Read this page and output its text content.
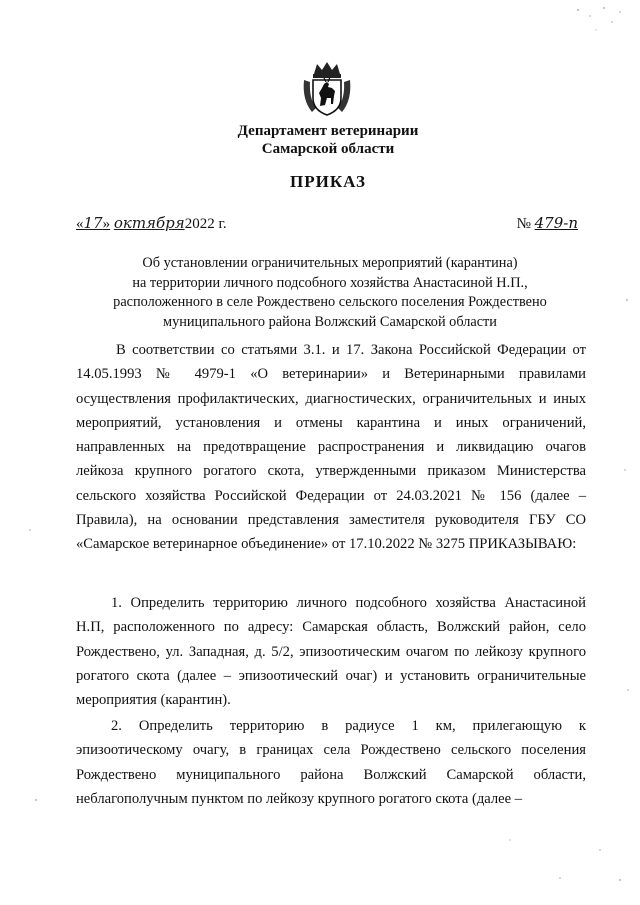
Департамент ветеринарии
Самарской области
ПРИКАЗ
«17» октября2022 г.	№ 479-п
Об установлении ограничительных мероприятий (карантина)
на территории личного подсобного хозяйства Анастасиной Н.П.,
расположенного в селе Рождествено сельского поселения Рождествено
муниципального района Волжский Самарской области
В соответствии со статьями 3.1. и 17. Закона Российской Федерации от 14.05.1993 № 4979-1 «О ветеринарии» и Ветеринарными правилами осуществления профилактических, диагностических, ограничительных и иных мероприятий, установления и отмены карантина и иных ограничений, направленных на предотвращение распространения и ликвидацию очагов лейкоза крупного рогатого скота, утвержденными приказом Министерства сельского хозяйства Российской Федерации от 24.03.2021 № 156 (далее – Правила), на основании представления заместителя руководителя ГБУ СО «Самарское ветеринарное объединение» от 17.10.2022 № 3275 ПРИКАЗЫВАЮ:
1. Определить территорию личного подсобного хозяйства Анастасиной Н.П, расположенного по адресу: Самарская область, Волжский район, село Рождествено, ул. Западная, д. 5/2, эпизоотическим очагом по лейкозу крупного рогатого скота (далее – эпизоотический очаг) и установить ограничительные мероприятия (карантин).
2. Определить территорию в радиусе 1 км, прилегающую к эпизоотическому очагу, в границах села Рождествено сельского поселения Рождествено муниципального района Волжский Самарской области, неблагополучным пунктом по лейкозу крупного рогатого скота (далее –
